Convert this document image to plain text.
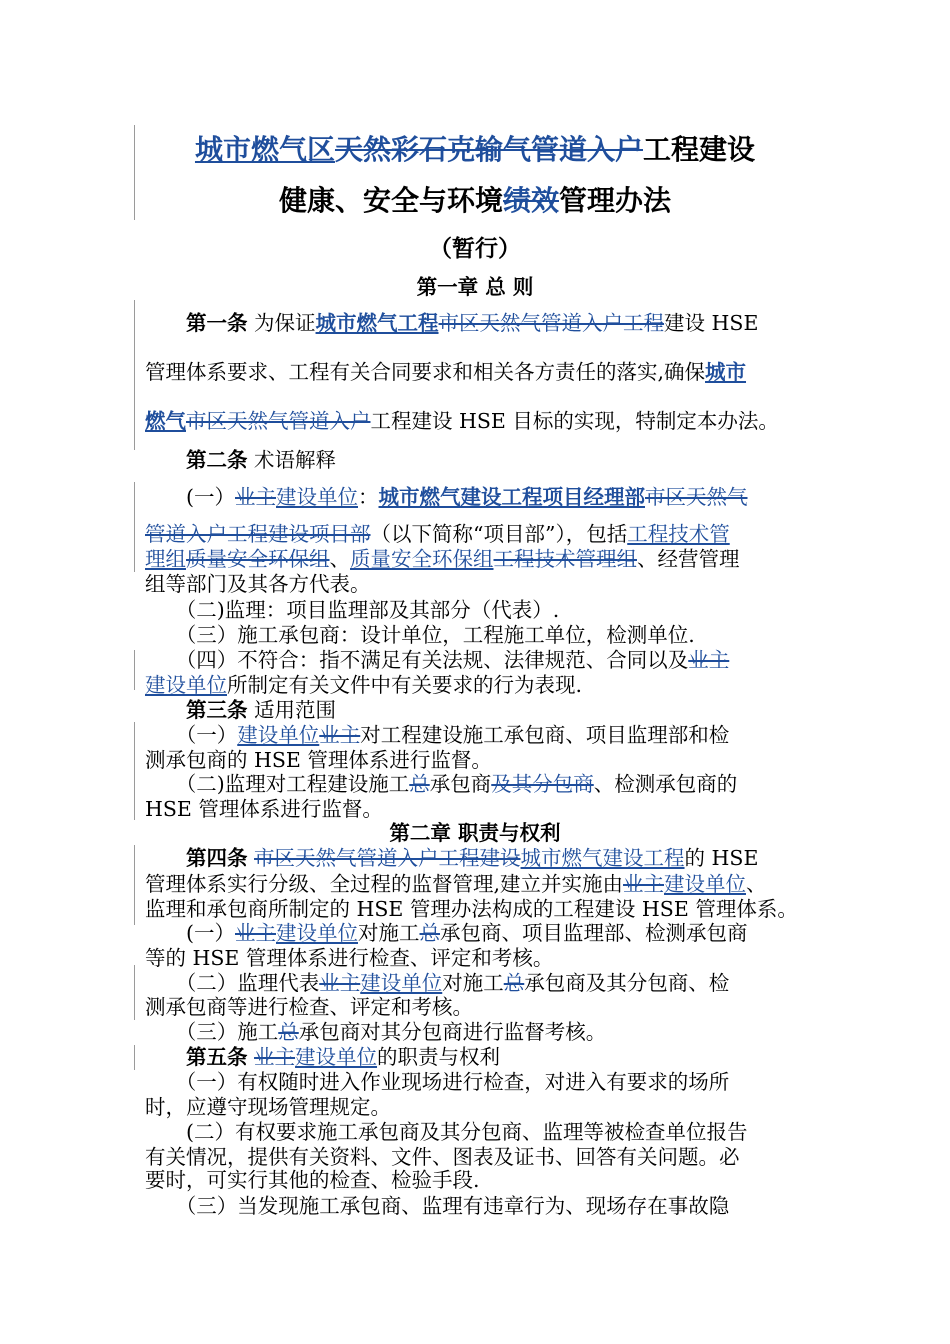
城市燃气区天然彩石克输气管道入户工程建设
健康、安全与环境绩效管理办法
（暂行）
第一章 总 则
　　第一条 为保证城市燃气工程市区天然气管道入户工程建设 HSE
管理体系要求、工程有关合同要求和相关各方责任的落实,确保城市
燃气市区天然气管道入户工程建设 HSE 目标的实现，特制定本办法。
　　第二条 术语解释
　　(一）业主建设单位：城市燃气建设工程项目经理部市区天然气
管道入户工程建设项目部（以下简称“项目部”），包括工程技术管
理组质量安全环保组、质量安全环保组工程技术管理组、经营管理
组等部门及其各方代表。
　　（二)监理：项目监理部及其部分（代表）.
　　（三）施工承包商：设计单位，工程施工单位，检测单位.
　　（四）不符合：指不满足有关法规、法律规范、合同以及业主
建设单位所制定有关文件中有关要求的行为表现.
　　第三条 适用范围
　　（一）建设单位业主对工程建设施工承包商、项目监理部和检
测承包商的 HSE 管理体系进行监督。
　　（二)监理对工程建设施工总承包商及其分包商、检测承包商的
HSE 管理体系进行监督。
第二章 职责与权利
　　第四条 市区天然气管道入户工程建设城市燃气建设工程的 HSE
管理体系实行分级、全过程的监督管理,建立并实施由业主建设单位、
监理和承包商所制定的 HSE 管理办法构成的工程建设 HSE 管理体系。
　　(一）业主建设单位对施工总承包商、项目监理部、检测承包商
等的 HSE 管理体系进行检查、评定和考核。
　　（二）监理代表业主建设单位对施工总承包商及其分包商、检
测承包商等进行检查、评定和考核。
　　（三）施工总承包商对其分包商进行监督考核。
　　第五条 业主建设单位的职责与权利
　　（一）有权随时进入作业现场进行检查，对进入有要求的场所
时，应遵守现场管理规定。
　　(二）有权要求施工承包商及其分包商、监理等被检查单位报告
有关情况，提供有关资料、文件、图表及证书、回答有关问题。必
要时，可实行其他的检查、检验手段.
　　（三）当发现施工承包商、监理有违章行为、现场存在事故隐
